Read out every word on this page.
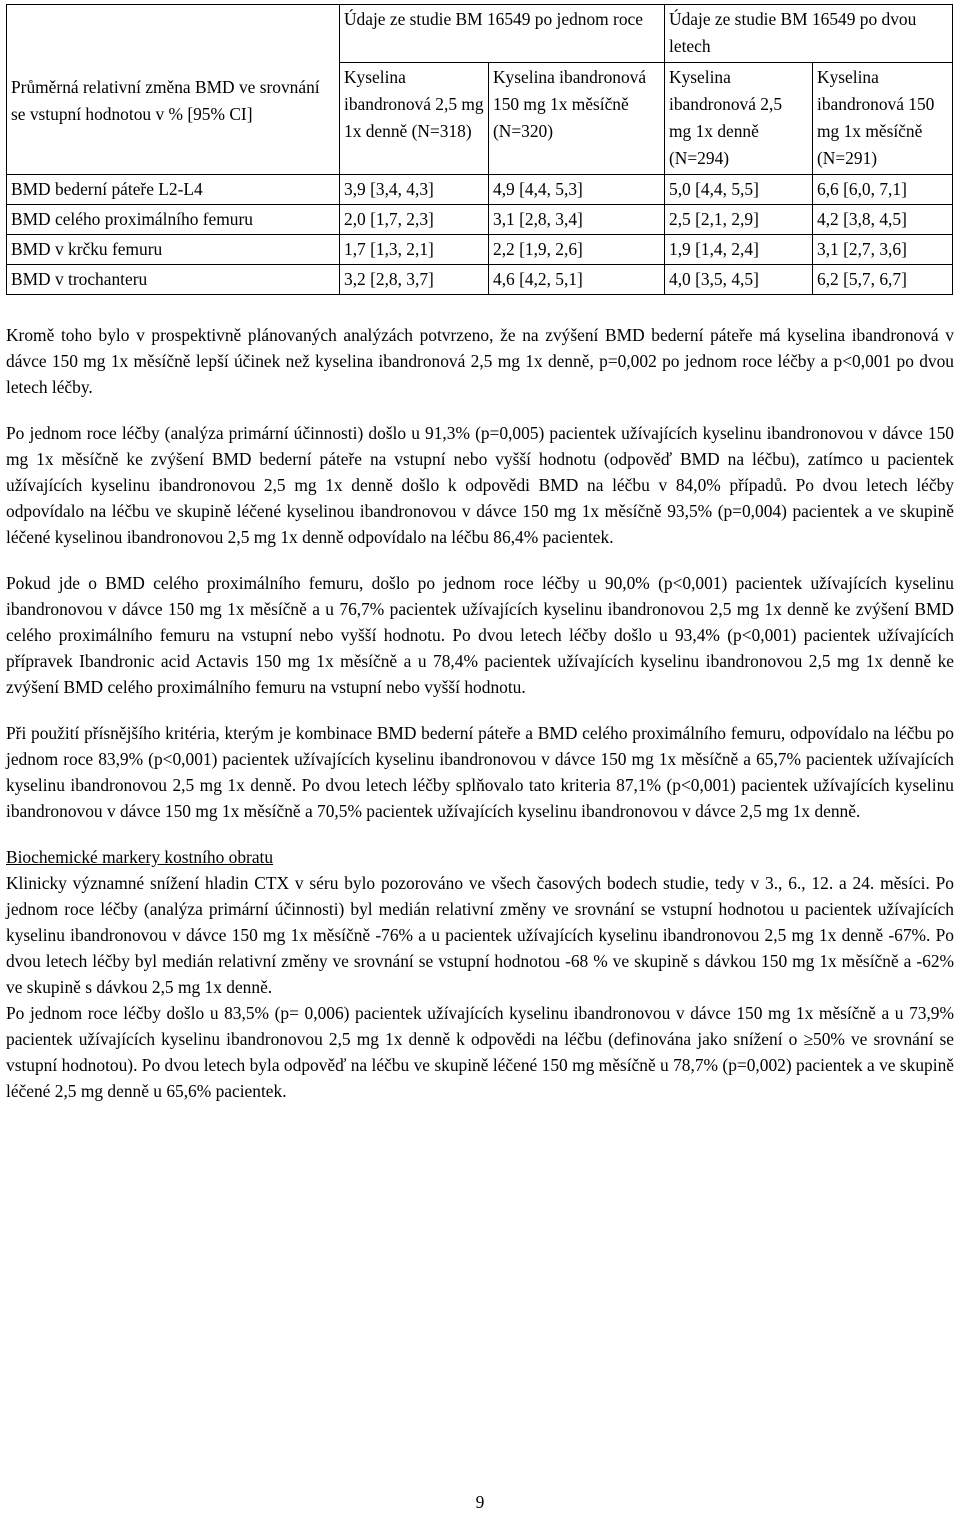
Průměrná relativní změna BMD ve srovnání se vstupní hodnotou v % [95% CI]	Údaje ze studie BM 16549 po jednom roce		Údaje ze studie BM 16549 po dvou letech	
	Kyselina ibandronová 2,5 mg 1x denně (N=318)	Kyselina ibandronová 150 mg 1x měsíčně (N=320)	Kyselina ibandronová 2,5 mg 1x denně (N=294)	Kyselina ibandronová 150 mg 1x měsíčně (N=291)
BMD bederní páteře L2-L4	3,9 [3,4, 4,3]	4,9 [4,4, 5,3]	5,0 [4,4, 5,5]	6,6 [6,0, 7,1]
BMD celého proximálního femuru	2,0 [1,7, 2,3]	3,1 [2,8, 3,4]	2,5 [2,1, 2,9]	4,2 [3,8, 4,5]
BMD v krčku femuru	1,7 [1,3, 2,1]	2,2 [1,9, 2,6]	1,9 [1,4, 2,4]	3,1 [2,7, 3,6]
BMD v trochanteru	3,2 [2,8, 3,7]	4,6 [4,2, 5,1]	4,0 [3,5, 4,5]	6,2 [5,7, 6,7]

Kromě toho bylo v prospektivně plánovaných analýzách potvrzeno, že na zvýšení BMD bederní páteře má kyselina ibandronová v dávce 150 mg 1x měsíčně lepší účinek než kyselina ibandronová 2,5 mg 1x denně, p=0,002 po jednom roce léčby a p<0,001 po dvou letech léčby.

Po jednom roce léčby (analýza primární účinnosti) došlo u 91,3% (p=0,005) pacientek užívajících kyselinu ibandronovou v dávce 150 mg 1x měsíčně ke zvýšení BMD bederní páteře na vstupní nebo vyšší hodnotu (odpověď BMD na léčbu), zatímco u pacientek užívajících kyselinu ibandronovou 2,5 mg 1x denně došlo k odpovědi BMD na léčbu v 84,0% případů. Po dvou letech léčby odpovídalo na léčbu ve skupině léčené kyselinou ibandronovou v dávce 150 mg 1x měsíčně 93,5% (p=0,004) pacientek a ve skupině léčené kyselinou ibandronovou 2,5 mg 1x denně odpovídalo na léčbu 86,4% pacientek.

Pokud jde o BMD celého proximálního femuru, došlo po jednom roce léčby u 90,0% (p<0,001) pacientek užívajících kyselinu ibandronovou v dávce 150 mg 1x měsíčně a u 76,7% pacientek užívajících kyselinu ibandronovou 2,5 mg 1x denně ke zvýšení BMD celého proximálního femuru na vstupní nebo vyšší hodnotu. Po dvou letech léčby došlo u 93,4% (p<0,001) pacientek užívajících přípravek Ibandronic acid Actavis 150 mg 1x měsíčně a u 78,4% pacientek užívajících kyselinu ibandronovou 2,5 mg 1x denně ke zvýšení BMD celého proximálního femuru na vstupní nebo vyšší hodnotu.

Při použití přísnějšího kritéria, kterým je kombinace BMD bederní páteře a BMD celého proximálního femuru, odpovídalo na léčbu po jednom roce 83,9% (p<0,001) pacientek užívajících kyselinu ibandronovou v dávce 150 mg 1x měsíčně a 65,7% pacientek užívajících kyselinu ibandronovou 2,5 mg 1x denně. Po dvou letech léčby splňovalo tato kriteria 87,1% (p<0,001) pacientek užívajících kyselinu ibandronovou v dávce 150 mg 1x měsíčně a 70,5% pacientek užívajících kyselinu ibandronovou v dávce 2,5 mg 1x denně.

Biochemické markery kostního obratu

Klinicky významné snížení hladin CTX v séru bylo pozorováno ve všech časových bodech studie, tedy v 3., 6., 12. a 24. měsíci. Po jednom roce léčby (analýza primární účinnosti) byl medián relativní změny ve srovnání se vstupní hodnotou u pacientek užívajících kyselinu ibandronovou v dávce 150 mg 1x měsíčně -76% a u pacientek užívajících kyselinu ibandronovou 2,5 mg 1x denně -67%. Po dvou letech léčby byl medián relativní změny ve srovnání se vstupní hodnotou -68 % ve skupině s dávkou 150 mg 1x měsíčně a -62% ve skupině s dávkou 2,5 mg 1x denně.

Po jednom roce léčby došlo u 83,5% (p= 0,006) pacientek užívajících kyselinu ibandronovou v dávce 150 mg 1x měsíčně a u 73,9% pacientek užívajících kyselinu ibandronovou 2,5 mg 1x denně k odpovědi na léčbu (definována jako snížení o ≥50% ve srovnání se vstupní hodnotou). Po dvou letech byla odpověď na léčbu ve skupině léčené 150 mg měsíčně u 78,7% (p=0,002) pacientek a ve skupině léčené 2,5 mg denně u 65,6% pacientek.

9
